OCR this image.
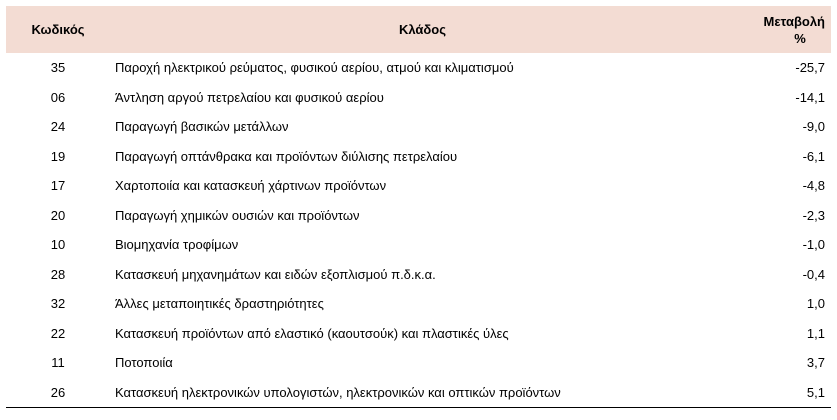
Κωδικός	Κλάδος	Μεταβολή
%

35	Παροχή ηλεκτρικού ρεύματος, φυσικού αερίου, ατμού και κλιματισμού	-25,7
06	Άντληση αργού πετρελαίου και φυσικού αερίου	-14,1
24	Παραγωγή βασικών μετάλλων	-9,0
19	Παραγωγή οπτάνθρακα και προϊόντων διύλισης πετρελαίου	-6,1
17	Χαρτοποιία και κατασκευή χάρτινων προϊόντων	-4,8
20	Παραγωγή χημικών ουσιών και προϊόντων	-2,3
10	Βιομηχανία τροφίμων	-1,0
28	Κατασκευή μηχανημάτων και ειδών εξοπλισμού π.δ.κ.α.	-0,4
32	Άλλες μεταποιητικές δραστηριότητες	1,0
22	Κατασκευή προϊόντων από ελαστικό (καουτσούκ) και πλαστικές ύλες	1,1
11	Ποτοποιία	3,7
26	Κατασκευή ηλεκτρονικών υπολογιστών, ηλεκτρονικών και οπτικών προϊόντων	5,1
